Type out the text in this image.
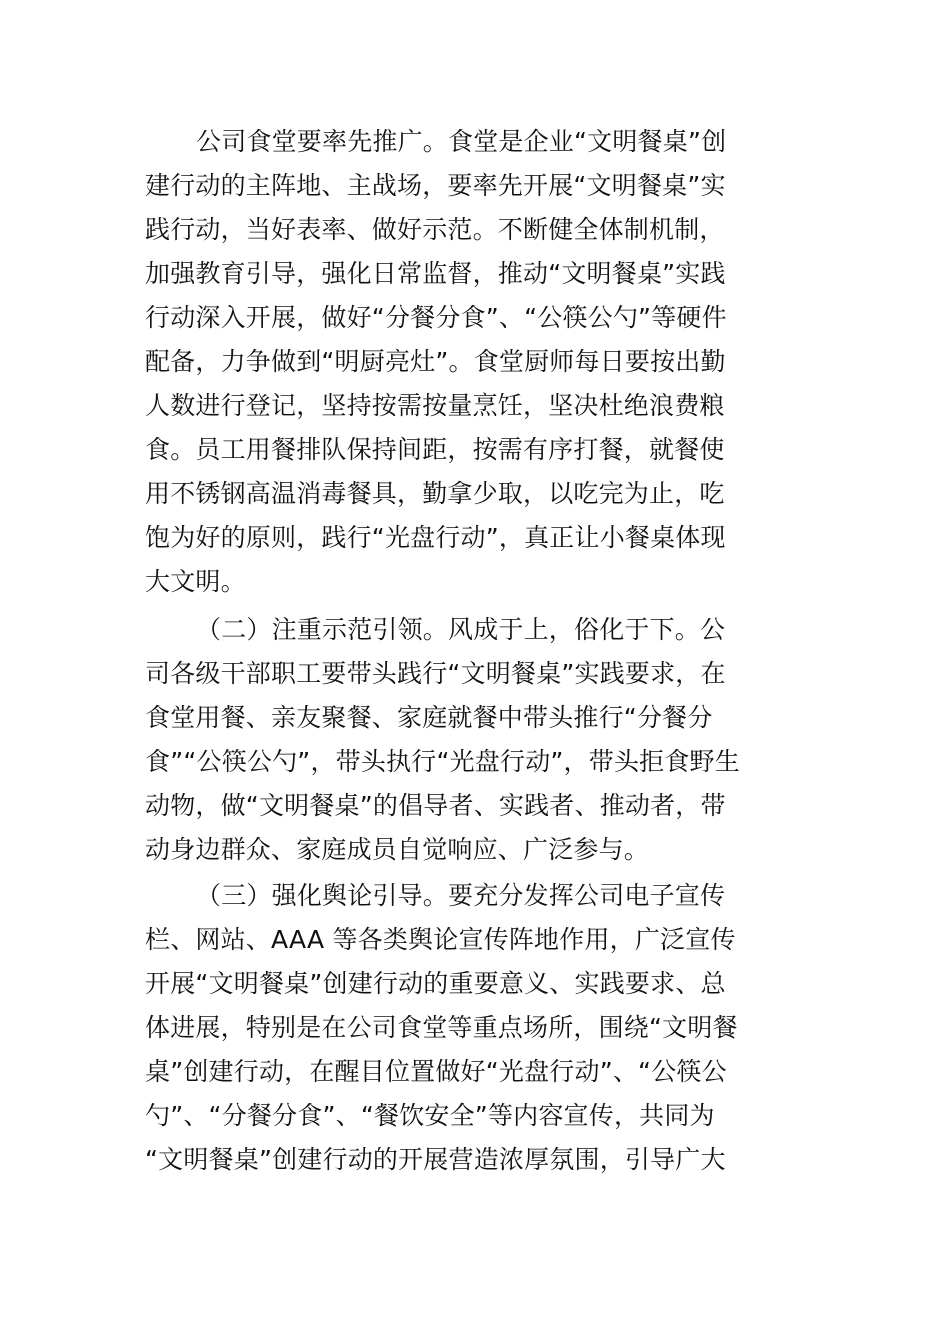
公司食堂要率先推广。食堂是企业“文明餐桌”创

建行动的主阵地、主战场，要率先开展“文明餐桌”实

践行动，当好表率、做好示范。不断健全体制机制，

加强教育引导，强化日常监督，推动“文明餐桌”实践

行动深入开展，做好“分餐分食”、“公筷公勺”等硬件

配备，力争做到“明厨亮灶”。食堂厨师每日要按出勤

人数进行登记，坚持按需按量烹饪，坚决杜绝浪费粮

食。员工用餐排队保持间距，按需有序打餐，就餐使

用不锈钢高温消毒餐具，勤拿少取，以吃完为止，吃

饱为好的原则，践行“光盘行动”，真正让小餐桌体现

大文明。

（二）注重示范引领。风成于上，俗化于下。公

司各级干部职工要带头践行“文明餐桌”实践要求，在

食堂用餐、亲友聚餐、家庭就餐中带头推行“分餐分

食”“公筷公勺”，带头执行“光盘行动”，带头拒食野生

动物，做“文明餐桌”的倡导者、实践者、推动者，带

动身边群众、家庭成员自觉响应、广泛参与。

（三）强化舆论引导。要充分发挥公司电子宣传

栏、网站、AAA 等各类舆论宣传阵地作用，广泛宣传

开展“文明餐桌”创建行动的重要意义、实践要求、总

体进展，特别是在公司食堂等重点场所，围绕“文明餐

桌”创建行动，在醒目位置做好“光盘行动”、“公筷公

勺”、“分餐分食”、“餐饮安全”等内容宣传，共同为

“文明餐桌”创建行动的开展营造浓厚氛围，引导广大
